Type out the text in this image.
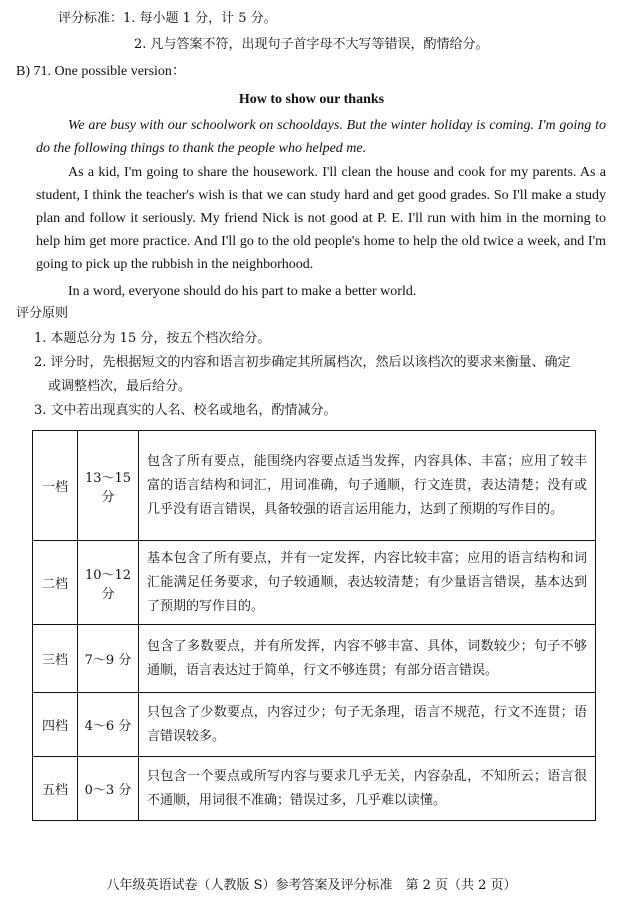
评分标准：1. 每小题 1 分，计 5 分。
2. 凡与答案不符，出现句子首字母不大写等错误，酌情给分。
B) 71. One possible version：
How to show our thanks
We are busy with our schoolwork on schooldays. But the winter holiday is coming. I'm going to do the following things to thank the people who helped me.
As a kid, I'm going to share the housework. I'll clean the house and cook for my parents. As a student, I think the teacher's wish is that we can study hard and get good grades. So I'll make a study plan and follow it seriously. My friend Nick is not good at P. E. I'll run with him in the morning to help him get more practice. And I'll go to the old people's home to help the old twice a week, and I'm going to pick up the rubbish in the neighborhood.
In a word, everyone should do his part to make a better world.
评分原则
1. 本题总分为 15 分，按五个档次给分。
2. 评分时，先根据短文的内容和语言初步确定其所属档次，然后以该档次的要求来衡量、确定
或调整档次，最后给分。
3. 文中若出现真实的人名、校名或地名，酌情减分。
一档	13～15 分	包含了所有要点，能围绕内容要点适当发挥，内容具体、丰富；应用了较丰富的语言结构和词汇，用词准确，句子通顺，行文连贯，表达清楚；没有或几乎没有语言错误，具备较强的语言运用能力，达到了预期的写作目的。
二档	10～12 分	基本包含了所有要点，并有一定发挥，内容比较丰富；应用的语言结构和词汇能满足任务要求，句子较通顺，表达较清楚；有少量语言错误，基本达到了预期的写作目的。
三档	7～9 分	包含了多数要点，并有所发挥，内容不够丰富、具体，词数较少；句子不够通顺，语言表达过于简单，行文不够连贯；有部分语言错误。
四档	4～6 分	只包含了少数要点，内容过少；句子无条理，语言不规范，行文不连贯；语言错误较多。
五档	0～3 分	只包含一个要点或所写内容与要求几乎无关，内容杂乱，不知所云；语言很不通顺，用词很不准确；错误过多，几乎难以读懂。
八年级英语试卷（人教版 S）参考答案及评分标准　第 2 页（共 2 页）
